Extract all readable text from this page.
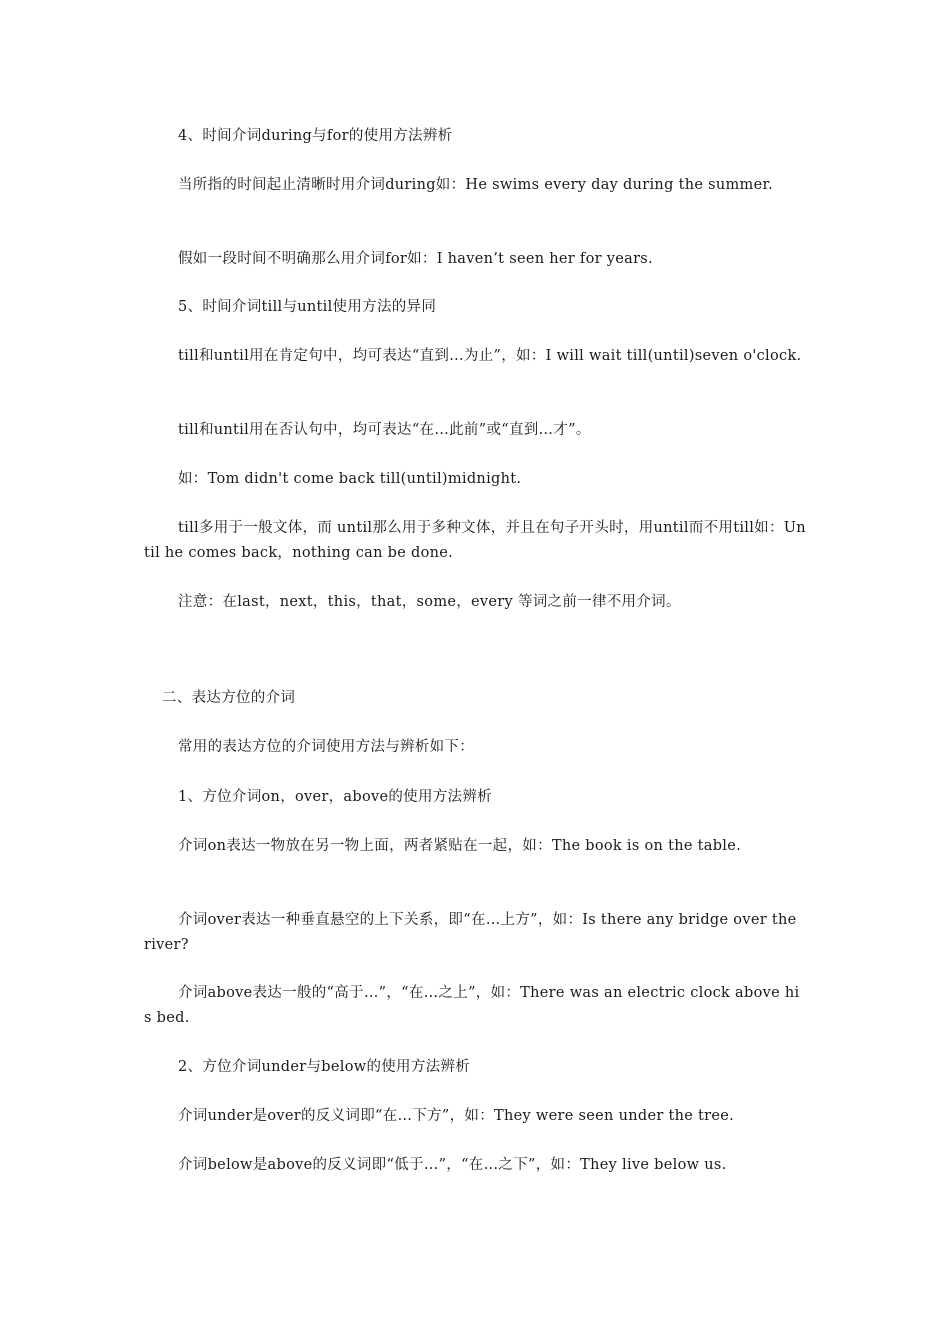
4、时间介词during与for的使用方法辨析

当所指的时间起止清晰时用介词during如：He swims every day during the summer.

假如一段时间不明确那么用介词for如：I haven’t seen her for years.

5、时间介词till与until使用方法的异同

till和until用在肯定句中，均可表达“直到…为止”，如：I will wait till(until)seven o'clock.

till和until用在否认句中，均可表达“在…此前”或“直到…才”。

如：Tom didn't come back till(until)midnight.

till多用于一般文体，而 until那么用于多种文体，并且在句子开头时，用until而不用till如：Until he comes back，nothing can be done.

注意：在last，next，this，that，some，every 等词之前一律不用介词。

二、表达方位的介词

常用的表达方位的介词使用方法与辨析如下：

1、方位介词on，over，above的使用方法辨析

介词on表达一物放在另一物上面，两者紧贴在一起，如：The book is on the table.

介词over表达一种垂直悬空的上下关系，即“在…上方”，如：Is there any bridge over the river?

介词above表达一般的“高于…”，“在…之上”，如：There was an electric clock above his bed.

2、方位介词under与below的使用方法辨析

介词under是over的反义词即“在…下方”，如：They were seen under the tree.

介词below是above的反义词即“低于…”，“在…之下”，如：They live below us.
